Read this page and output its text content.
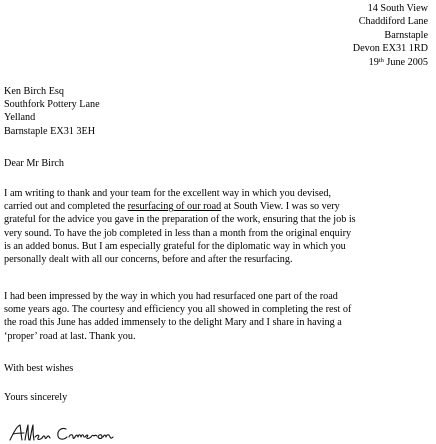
14 South View
Chaddiford Lane
Barnstaple
Devon EX31 1RD
19th June 2005
Ken Birch Esq
Southfork Pottery Lane
Yelland
Barnstaple EX31 3EH
Dear Mr Birch
I am writing to thank and your team for the excellent way in which you devised,
carried out and completed the resurfacing of our road at South View. I was so very
grateful for the advice you gave in the preparation of the work, ensuring that the job is
very sound. To have the job completed in less than a month from the original enquiry
is an added bonus. But I am especially grateful for the diplomatic way in which you
personally dealt with all our concerns, before and after the resurfacing.
I had been impressed by the way in which you had resurfaced one part of the road
some years ago. The courtesy and efficiency you all showed in completing the rest of
the road this June has added immensely to the delight Mary and I share in having a
‘proper’ road at last. Thank you.
With best wishes
Yours sincerely
